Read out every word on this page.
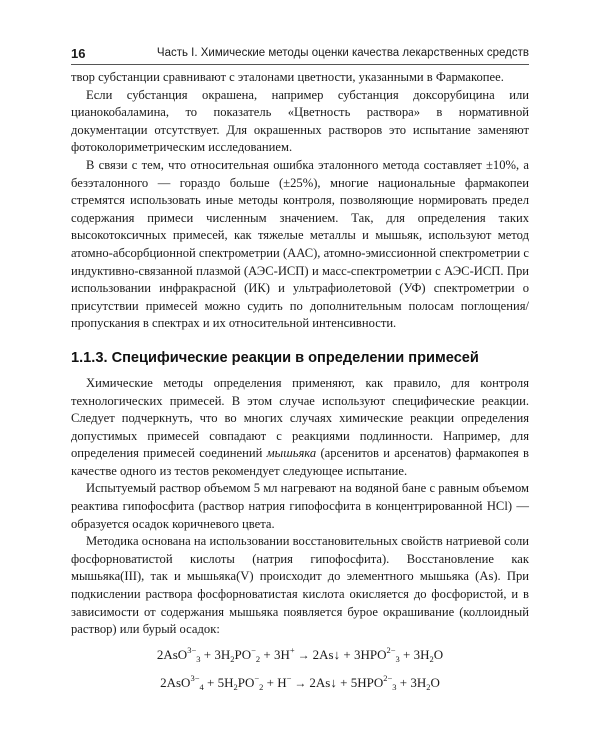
16	Часть I. Химические методы оценки качества лекарственных средств

твор субстанции сравнивают с эталонами цветности, указанными в Фармакопее.

Если субстанция окрашена, например субстанция доксорубицина или цианокобаламина, то показатель «Цветность раствора» в нормативной документации отсутствует. Для окрашенных растворов это испытание заменяют фотоколориметрическим исследованием.

В связи с тем, что относительная ошибка эталонного метода составляет ±10%, а безэталонного — гораздо больше (±25%), многие национальные фармакопеи стремятся использовать иные методы контроля, позволяющие нормировать предел содержания примеси численным значением. Так, для определения таких высокотоксичных примесей, как тяжелые металлы и мышьяк, используют метод атомно-абсорбционной спектрометрии (ААС), атомно-эмиссионной спектрометрии с индуктивно-связанной плазмой (АЭС-ИСП) и масс-спектрометрии с АЭС-ИСП. При использовании инфракрасной (ИК) и ультрафиолетовой (УФ) спектрометрии о присутствии примесей можно судить по дополнительным полосам поглощения/пропускания в спектрах и их относительной интенсивности.

1.1.3. Специфические реакции в определении примесей

Химические методы определения применяют, как правило, для контроля технологических примесей. В этом случае используют специфические реакции. Следует подчеркнуть, что во многих случаях химические реакции определения допустимых примесей совпадают с реакциями подлинности. Например, для определения примесей соединений мышьяка (арсенитов и арсенатов) фармакопея в качестве одного из тестов рекомендует следующее испытание.

Испытуемый раствор объемом 5 мл нагревают на водяной бане с равным объемом реактива гипофосфита (раствор натрия гипофосфита в концентрированной HCl) — образуется осадок коричневого цвета.

Методика основана на использовании восстановительных свойств натриевой соли фосфорноватистой кислоты (натрия гипофосфита). Восстановление как мышьяка(III), так и мышьяка(V) происходит до элементного мышьяка (As). При подкислении раствора фосфорноватистая кислота окисляется до фосфористой, и в зависимости от содержания мышьяка появляется бурое окрашивание (коллоидный раствор) или бурый осадок:

$2AsO^{3-}_3 + 3H_2PO^-_2 + 3H^+$ → 2As↓ + $3HPO^{2-}_3 + 3H_2O$
$2AsO^{3-}_4 + 5H_2PO^-_2 + H^-$ → 2As↓ + $5HPO^{2-}_3 + 3H_2O$
